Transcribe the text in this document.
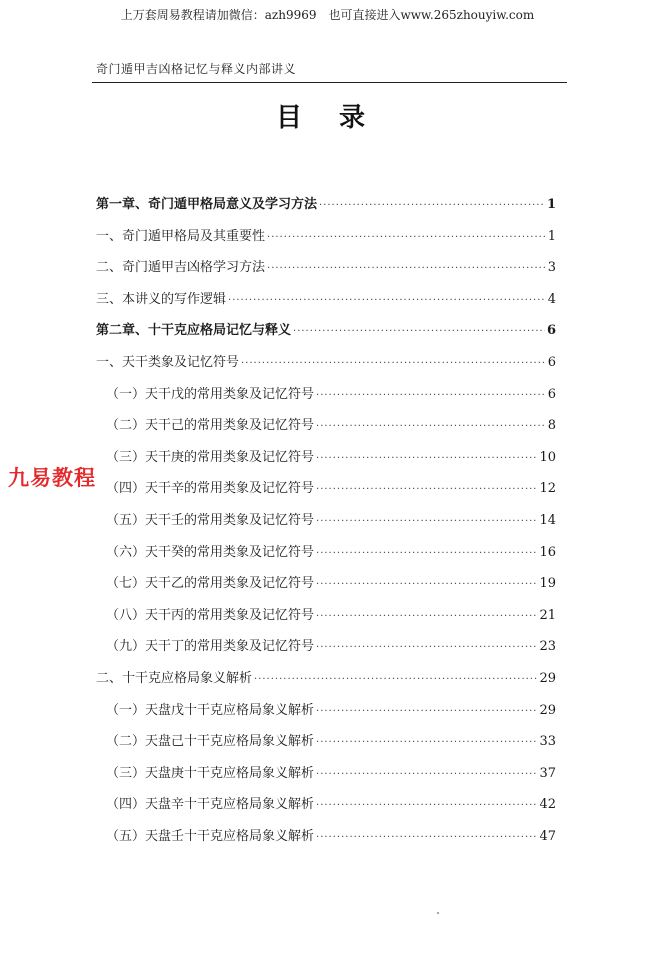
上万套周易教程请加微信：azh9969　也可直接进入www.265zhouyiw.com
奇门遁甲吉凶格记忆与释义内部讲义
目 录
第一章、奇门遁甲格局意义及学习方法 ·····	1
一、奇门遁甲格局及其重要性 ·····	1
二、奇门遁甲吉凶格学习方法 ·····	3
三、本讲义的写作逻辑 ·····	4
第二章、十干克应格局记忆与释义 ·····	6
一、天干类象及记忆符号 ·····	6
（一）天干戊的常用类象及记忆符号 ·····	6
（二）天干己的常用类象及记忆符号 ·····	8
（三）天干庚的常用类象及记忆符号 ·····	10
（四）天干辛的常用类象及记忆符号 ·····	12
（五）天干壬的常用类象及记忆符号 ·····	14
（六）天干癸的常用类象及记忆符号 ·····	16
（七）天干乙的常用类象及记忆符号 ·····	19
（八）天干丙的常用类象及记忆符号 ·····	21
（九）天干丁的常用类象及记忆符号 ·····	23
二、十干克应格局象义解析 ·····	29
（一）天盘戊十干克应格局象义解析 ·····	29
（二）天盘己十干克应格局象义解析 ·····	33
（三）天盘庚十干克应格局象义解析 ·····	37
（四）天盘辛十干克应格局象义解析 ·····	42
（五）天盘壬十干克应格局象义解析 ·····	47
九易教程
